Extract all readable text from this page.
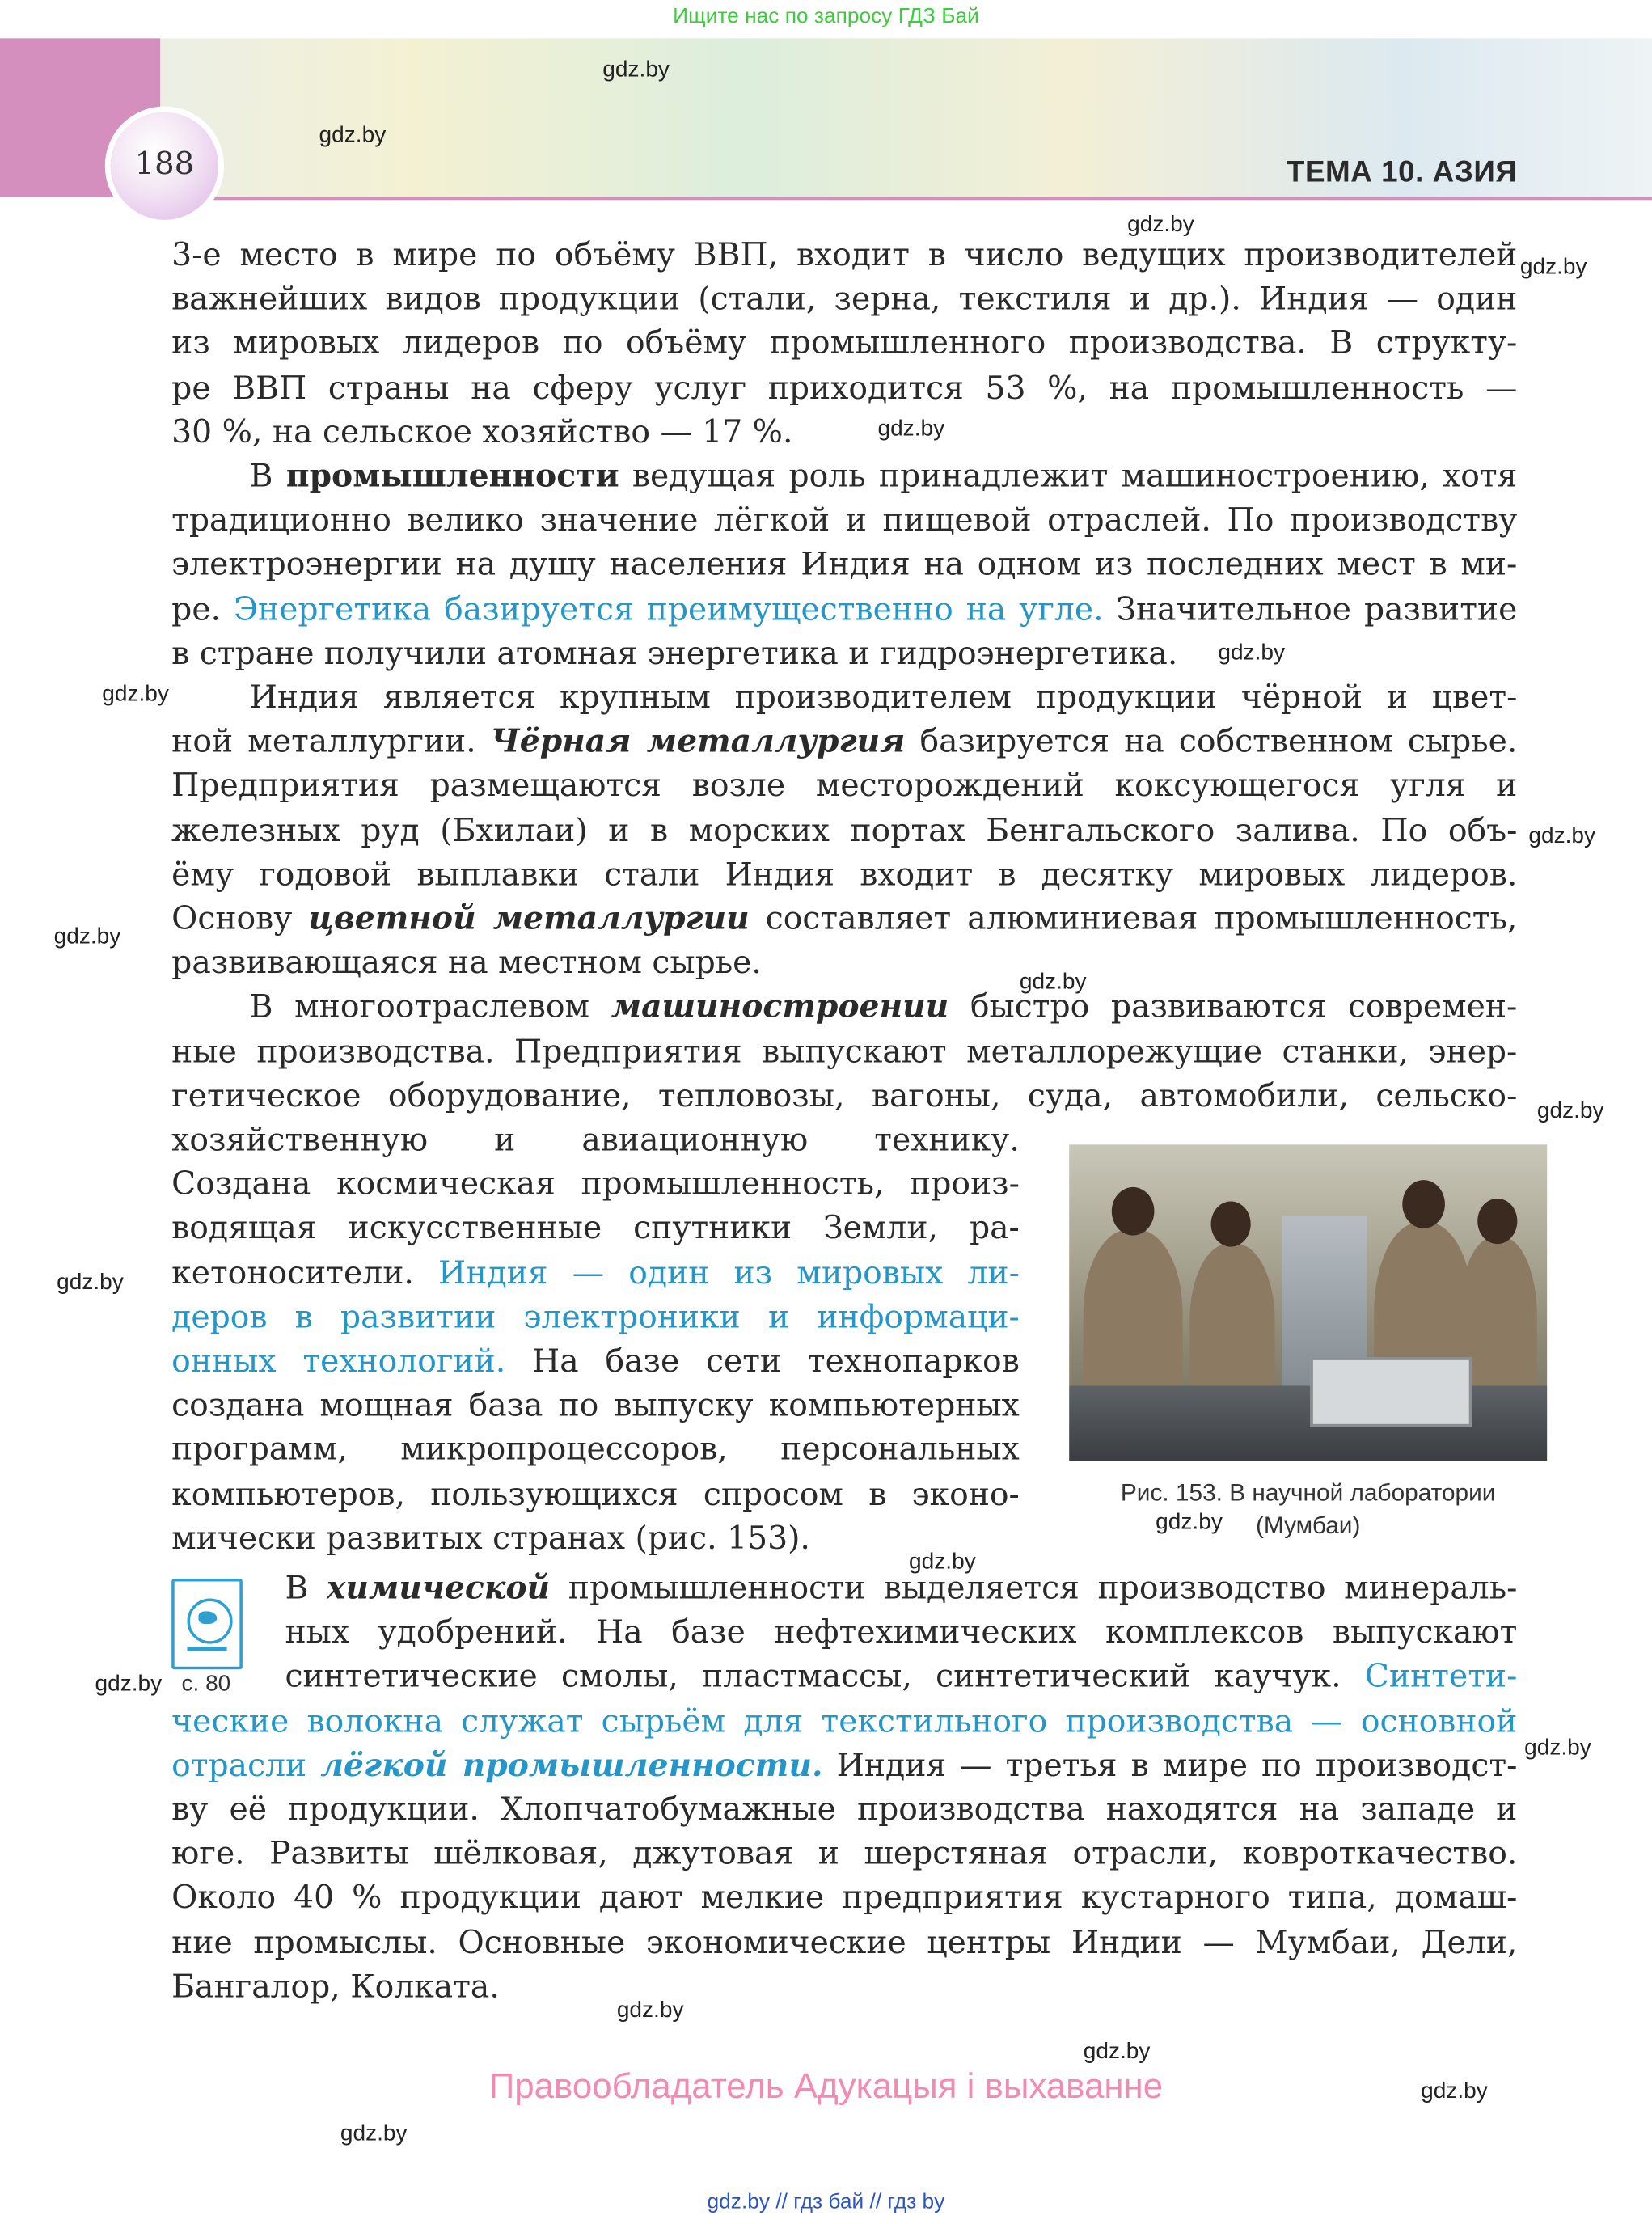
Ищите нас по запросу ГДЗ Бай
188	ТЕМА 10. АЗИЯ
3-е место в мире по объёму ВВП, входит в число ведущих производителей
важнейших видов продукции (стали, зерна, текстиля и др.). Индия — один
из мировых лидеров по объёму промышленного производства. В структу-
ре ВВП страны на сферу услуг приходится 53 %, на промышленность —
30 %, на сельское хозяйство — 17 %.
В промышленности ведущая роль принадлежит машиностроению, хотя
традиционно велико значение лёгкой и пищевой отраслей. По производству
электроэнергии на душу населения Индия на одном из последних мест в ми-
ре. Энергетика базируется преимущественно на угле. Значительное развитие
в стране получили атомная энергетика и гидроэнергетика.
Индия является крупным производителем продукции чёрной и цвет-
ной металлургии. Чёрная металлургия базируется на собственном сырье.
Предприятия размещаются возле месторождений коксующегося угля и
железных руд (Бхилаи) и в морских портах Бенгальского залива. По объ-
ёму годовой выплавки стали Индия входит в десятку мировых лидеров.
Основу цветной металлургии составляет алюминиевая промышленность,
развивающаяся на местном сырье.
В многоотраслевом машиностроении быстро развиваются современ-
ные производства. Предприятия выпускают металлорежущие станки, энер-
гетическое оборудование, тепловозы, вагоны, суда, автомобили, сельско-
хозяйственную и авиационную технику.
Создана космическая промышленность, произ-
водящая искусственные спутники Земли, ра-
кетоносители. Индия — один из мировых ли-
деров в развитии электроники и информаци-
онных технологий. На базе сети технопарков
создана мощная база по выпуску компьютерных
программ, микропроцессоров, персональных
компьютеров, пользующихся спросом в эконо-
мически развитых странах (рис. 153).
Рис. 153. В научной лаборатории
(Мумбаи)
с. 80
В химической промышленности выделяется производство минераль-
ных удобрений. На базе нефтехимических комплексов выпускают
синтетические смолы, пластмассы, синтетический каучук. Синтети-
ческие волокна служат сырьём для текстильного производства — основной
отрасли лёгкой промышленности. Индия — третья в мире по производст-
ву её продукции. Хлопчатобумажные производства находятся на западе и
юге. Развиты шёлковая, джутовая и шерстяная отрасли, ковроткачество.
Около 40 % продукции дают мелкие предприятия кустарного типа, домаш-
ние промыслы. Основные экономические центры Индии — Мумбаи, Дели,
Бангалор, Колката.
Правообладатель Адукацыя і выхаванне
gdz.by // гдз бай // гдз by
gdz.by
gdz.by
gdz.by
gdz.by
gdz.by
gdz.by
gdz.by
gdz.by
gdz.by
gdz.by
gdz.by
gdz.by
gdz.by
gdz.by
gdz.by
gdz.by
gdz.by
gdz.by
gdz.by
gdz.by
